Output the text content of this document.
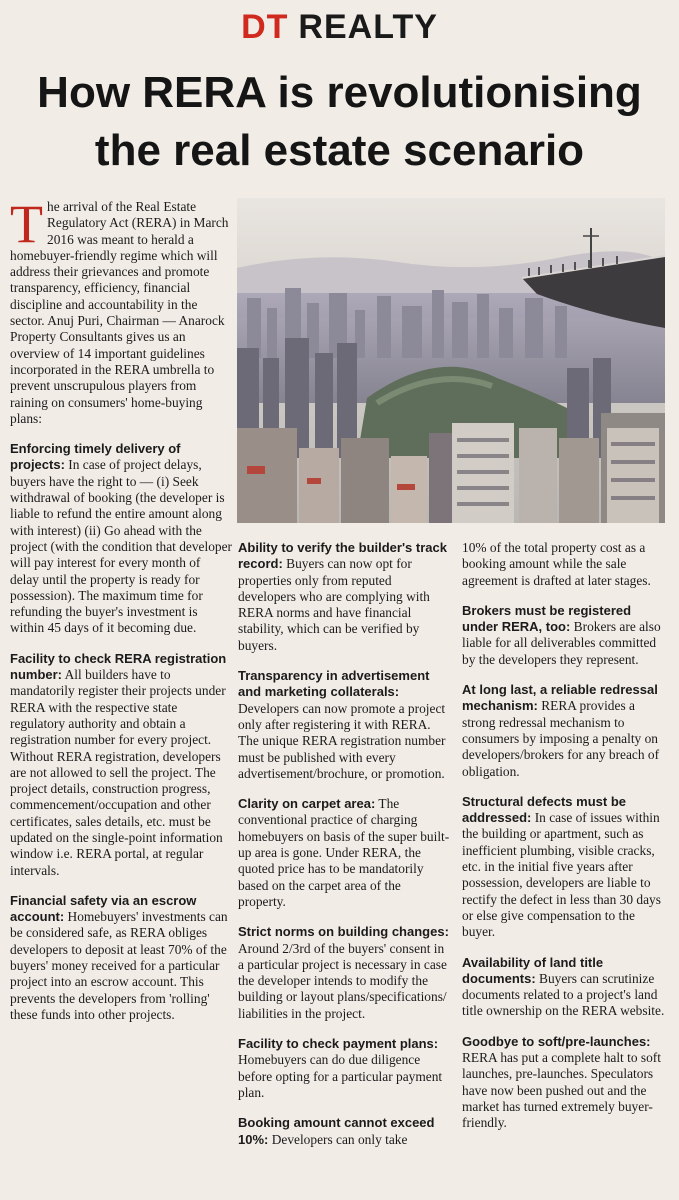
DT REALTY
How RERA is revolutionising
the real estate scenario

The arrival of the Real Estate Regulatory Act (RERA) in March 2016 was meant to herald a homebuyer-friendly regime which will address their grievances and promote transparency, efficiency, financial discipline and accountability in the sector. Anuj Puri, Chairman — Anarock Property Consultants gives us an overview of 14 important guidelines incorporated in the RERA umbrella to prevent unscrupulous players from raining on consumers' home-buying plans:

Enforcing timely delivery of projects: In case of project delays, buyers have the right to — (i) Seek withdrawal of booking (the developer is liable to refund the entire amount along with interest) (ii) Go ahead with the project (with the condition that developer will pay interest for every month of delay until the property is ready for possession). The maximum time for refunding the buyer's investment is within 45 days of it becoming due.

Facility to check RERA registration number: All builders have to mandatorily register their projects under RERA with the respective state regulatory authority and obtain a registration number for every project. Without RERA registration, developers are not allowed to sell the project. The project details, construction progress, commencement/occupation and other certificates, sales details, etc. must be updated on the single-point information window i.e. RERA portal, at regular intervals.

Financial safety via an escrow account: Homebuyers' investments can be considered safe, as RERA obliges developers to deposit at least 70% of the buyers' money received for a particular project into an escrow account. This prevents the developers from 'rolling' these funds into other projects.

Ability to verify the builder's track record: Buyers can now opt for properties only from reputed developers who are complying with RERA norms and have financial stability, which can be verified by buyers.

Transparency in advertisement and marketing collaterals: Developers can now promote a project only after registering it with RERA. The unique RERA registration number must be published with every advertisement/brochure, or promotion.

Clarity on carpet area: The conventional practice of charging homebuyers on basis of the super built-up area is gone. Under RERA, the quoted price has to be mandatorily based on the carpet area of the property.

Strict norms on building changes: Around 2/3rd of the buyers' consent in a particular project is necessary in case the developer intends to modify the building or layout plans/specifications/ liabilities in the project.

Facility to check payment plans: Homebuyers can do due diligence before opting for a particular payment plan.

Booking amount cannot exceed 10%: Developers can only take

10% of the total property cost as a booking amount while the sale agreement is drafted at later stages.

Brokers must be registered under RERA, too: Brokers are also liable for all deliverables committed by the developers they represent.

At long last, a reliable redressal mechanism: RERA provides a strong redressal mechanism to consumers by imposing a penalty on developers/brokers for any breach of obligation.

Structural defects must be addressed: In case of issues within the building or apartment, such as inefficient plumbing, visible cracks, etc. in the initial five years after possession, developers are liable to rectify the defect in less than 30 days or else give compensation to the buyer.

Availability of land title documents: Buyers can scrutinize documents related to a project's land title ownership on the RERA website.

Goodbye to soft/pre-launches: RERA has put a complete halt to soft launches, pre-launches. Speculators have now been pushed out and the market has turned extremely buyer-friendly.
